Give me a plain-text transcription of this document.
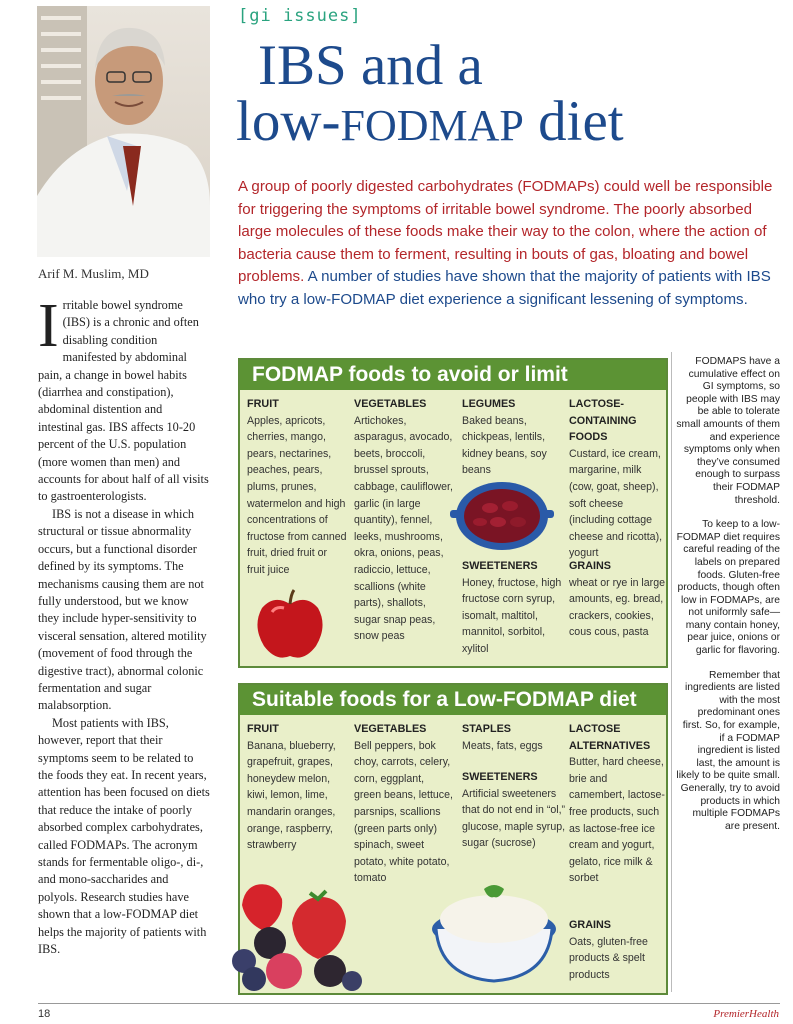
Arif M. Muslim, MD

Irritable bowel syndrome (IBS) is a chronic and often disabling condition manifested by abdominal pain, a change in bowel habits (diarrhea and constipation), abdominal distention and intestinal gas. IBS affects 10-20 percent of the U.S. population (more women than men) and accounts for about half of all visits to gastroenterologists.

IBS is not a disease in which structural or tissue abnormality occurs, but a functional disorder defined by its symptoms. The mechanisms causing them are not fully understood, but we know they include hyper-sensitivity to visceral sensation, altered motility (movement of food through the digestive tract), abnormal colonic fermentation and sugar malabsorption.

Most patients with IBS, however, report that their symptoms seem to be related to the foods they eat. In recent years, attention has been focused on diets that reduce the intake of poorly absorbed complex carbohydrates, called FODMAPs. The acronym stands for fermentable oligo-, di-, and mono-saccharides and polyols. Research studies have shown that a low-FODMAP diet helps the majority of patients with IBS.

[gi issues]
IBS and a
low-FODMAP diet
A group of poorly digested carbohydrates (FODMAPs) could well be responsible for triggering the symptoms of irritable bowel syndrome. The poorly absorbed large molecules of these foods make their way to the colon, where the action of bacteria cause them to ferment, resulting in bouts of gas, bloating and bowel problems. A number of studies have shown that the majority of patients with IBS who try a low-FODMAP diet experience a significant lessening of symptoms.
FODMAP foods to avoid or limit
FRUIT
Apples, apricots, cherries, mango, pears, nectarines, peaches, pears, plums, prunes, watermelon and high concentrations of fructose from canned fruit, dried fruit or fruit juice
VEGETABLES
Artichokes, asparagus, avocado, beets, broccoli, brussel sprouts, cabbage, cauliflower, garlic (in large quantity), fennel, leeks, mushrooms, okra, onions, peas, radiccio, lettuce, scallions (white parts), shallots, sugar snap peas, snow peas
LEGUMES
Baked beans, chickpeas, lentils, kidney beans, soy beans
SWEETENERS
Honey, fructose, high fructose corn syrup, isomalt, maltitol, mannitol, sorbitol, xylitol
LACTOSE-CONTAINING FOODS
Custard, ice cream, margarine, milk (cow, goat, sheep), soft cheese (including cottage cheese and ricotta), yogurt
GRAINS
wheat or rye in large amounts, eg. bread, crackers, cookies, cous cous, pasta
Suitable foods for a Low-FODMAP diet
FRUIT
Banana, blueberry, grapefruit, grapes, honeydew melon, kiwi, lemon, lime, mandarin oranges, orange, raspberry, strawberry
VEGETABLES
Bell peppers, bok choy, carrots, celery, corn, eggplant, green beans, lettuce, parsnips, scallions (green parts only) spinach, sweet potato, white potato, tomato
STAPLES
Meats, fats, eggs
SWEETENERS
Artificial sweeteners that do not end in “ol,” glucose, maple syrup, sugar (sucrose)
LACTOSE ALTERNATIVES
Butter, hard cheese, brie and camembert, lactose-free products, such as lactose-free ice cream and yogurt, gelato, rice milk & sorbet
GRAINS
Oats, gluten-free products & spelt products

FODMAPS have a cumulative effect on GI symptoms, so people with IBS may be able to tolerate small amounts of them and experience symptoms only when they’ve consumed enough to surpass their FODMAP threshold.

To keep to a low-FODMAP diet requires careful reading of the labels on prepared foods. Gluten-free products, though often low in FODMAPs, are not uniformly safe—many contain honey, pear juice, onions or garlic for flavoring.

Remember that ingredients are listed with the most predominant ones first. So, for example, if a FODMAP ingredient is listed last, the amount is likely to be quite small. Generally, try to avoid products in which multiple FODMAPs are present.

18	PremierHealth
